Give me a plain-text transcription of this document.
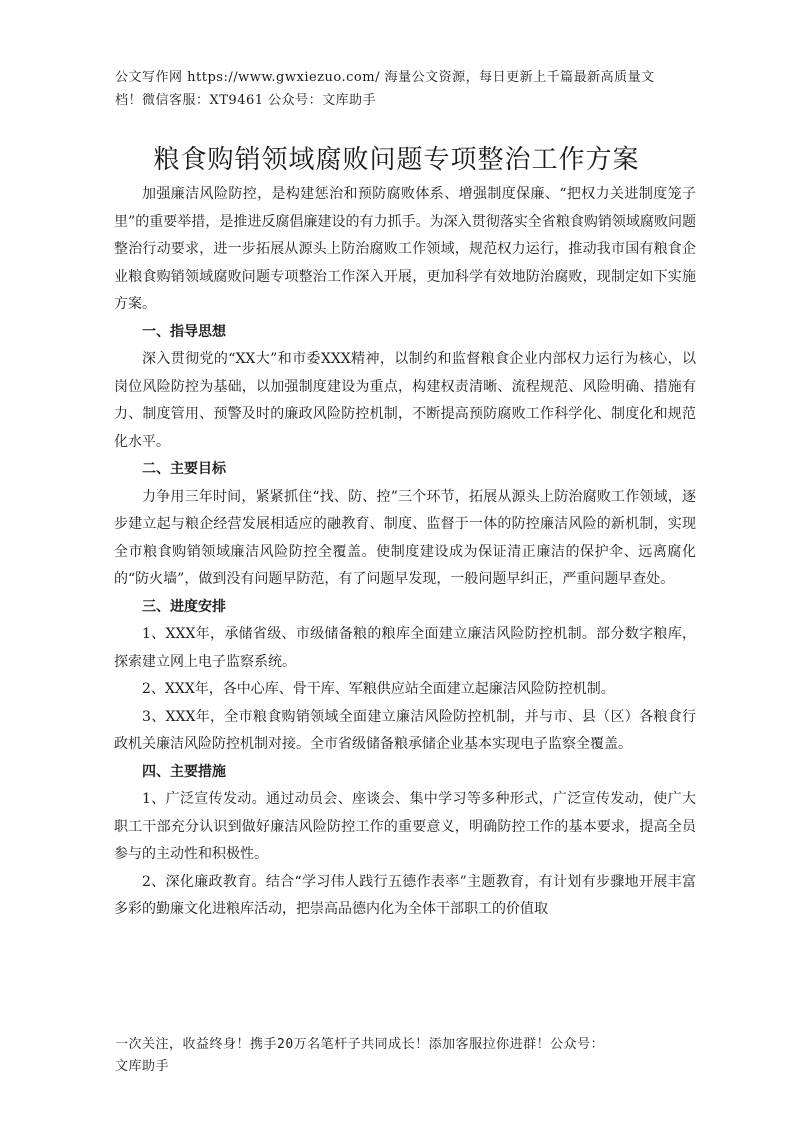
公文写作网 https://www.gwxiezuo.com/ 海量公文资源，每日更新上千篇最新高质量文
档！微信客服：XT9461 公众号：文库助手
粮食购销领域腐败问题专项整治工作方案

加强廉洁风险防控，是构建惩治和预防腐败体系、增强制度保廉、“把权力关进制度笼子里”的重要举措，是推进反腐倡廉建设的有力抓手。为深入贯彻落实全省粮食购销领域腐败问题整治行动要求，进一步拓展从源头上防治腐败工作领域，规范权力运行，推动我市国有粮食企业粮食购销领域腐败问题专项整治工作深入开展，更加科学有效地防治腐败，现制定如下实施方案。

一、指导思想

深入贯彻党的“XX大”和市委XXX精神，以制约和监督粮食企业内部权力运行为核心，以岗位风险防控为基础，以加强制度建设为重点，构建权责清晰、流程规范、风险明确、措施有力、制度管用、预警及时的廉政风险防控机制，不断提高预防腐败工作科学化、制度化和规范化水平。

二、主要目标

力争用三年时间，紧紧抓住“找、防、控”三个环节，拓展从源头上防治腐败工作领域，逐步建立起与粮企经营发展相适应的融教育、制度、监督于一体的防控廉洁风险的新机制，实现全市粮食购销领域廉洁风险防控全覆盖。使制度建设成为保证清正廉洁的保护伞、远离腐化的“防火墙”，做到没有问题早防范，有了问题早发现，一般问题早纠正，严重问题早查处。

三、进度安排

1、XXX年，承储省级、市级储备粮的粮库全面建立廉洁风险防控机制。部分数字粮库，探索建立网上电子监察系统。

2、XXX年，各中心库、骨干库、军粮供应站全面建立起廉洁风险防控机制。

3、XXX年，全市粮食购销领域全面建立廉洁风险防控机制，并与市、县（区）各粮食行政机关廉洁风险防控机制对接。全市省级储备粮承储企业基本实现电子监察全覆盖。

四、主要措施

1、广泛宣传发动。通过动员会、座谈会、集中学习等多种形式，广泛宣传发动，使广大职工干部充分认识到做好廉洁风险防控工作的重要意义，明确防控工作的基本要求，提高全员参与的主动性和积极性。

2、深化廉政教育。结合“学习伟人践行五德作表率”主题教育，有计划有步骤地开展丰富多彩的勤廉文化进粮库活动，把崇高品德内化为全体干部职工的价值取

一次关注，收益终身！携手20万名笔杆子共同成长！添加客服拉你进群！公众号：
文库助手
